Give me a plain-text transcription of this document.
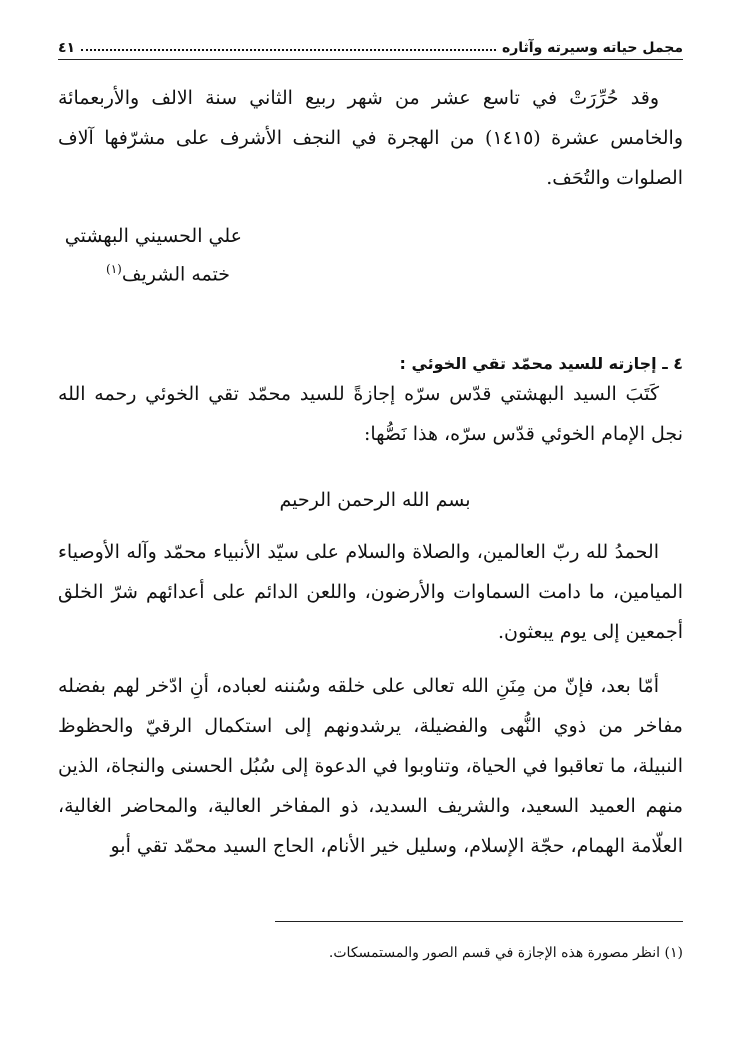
مجمل حياته وسيرته وآثاره
٤١
وقد حُرِّرَتْ في تاسع عشر من شهر ربيع الثاني سنة الالف والأربعمائة والخامس عشرة (١٤١٥) من الهجرة في النجف الأشرف على مشرّفها آلاف الصلوات والتُحَف.
علي الحسيني البهشتي
ختمه الشريف$^{(١)}$
٤ ـ إجازته للسيد محمّد تقي الخوئي :
كَتَبَ السيد البهشتي قدّس سرّه إجازةً للسيد محمّد تقي الخوئي رحمه الله نجل الإمام الخوئي قدّس سرّه، هذا نَصُّها:
بسم الله الرحمن الرحيم
الحمدُ لله ربّ العالمين، والصلاة والسلام على سيّد الأنبياء محمّد وآله الأوصياء الميامين، ما دامت السماوات والأرضون، واللعن الدائم على أعدائهم شرّ الخلق أجمعين إلى يوم يبعثون.
أمّا بعد، فإنّ من مِنَنِ الله تعالى على خلقه وسُننه لعباده، أنِ ادّخر لهم بفضله مفاخر من ذوي النُّهى والفضيلة، يرشدونهم إلى استكمال الرقيّ والحظوظ النبيلة، ما تعاقبوا في الحياة، وتناوبوا في الدعوة إلى سُبُل الحسنى والنجاة، الذين منهم العميد السعيد، والشريف السديد، ذو المفاخر العالية، والمحاضر الغالية، العلّامة الهمام، حجّة الإسلام، وسليل خير الأنام، الحاج السيد محمّد تقي أبو
(١) انظر مصورة هذه الإجازة في قسم الصور والمستمسكات.
